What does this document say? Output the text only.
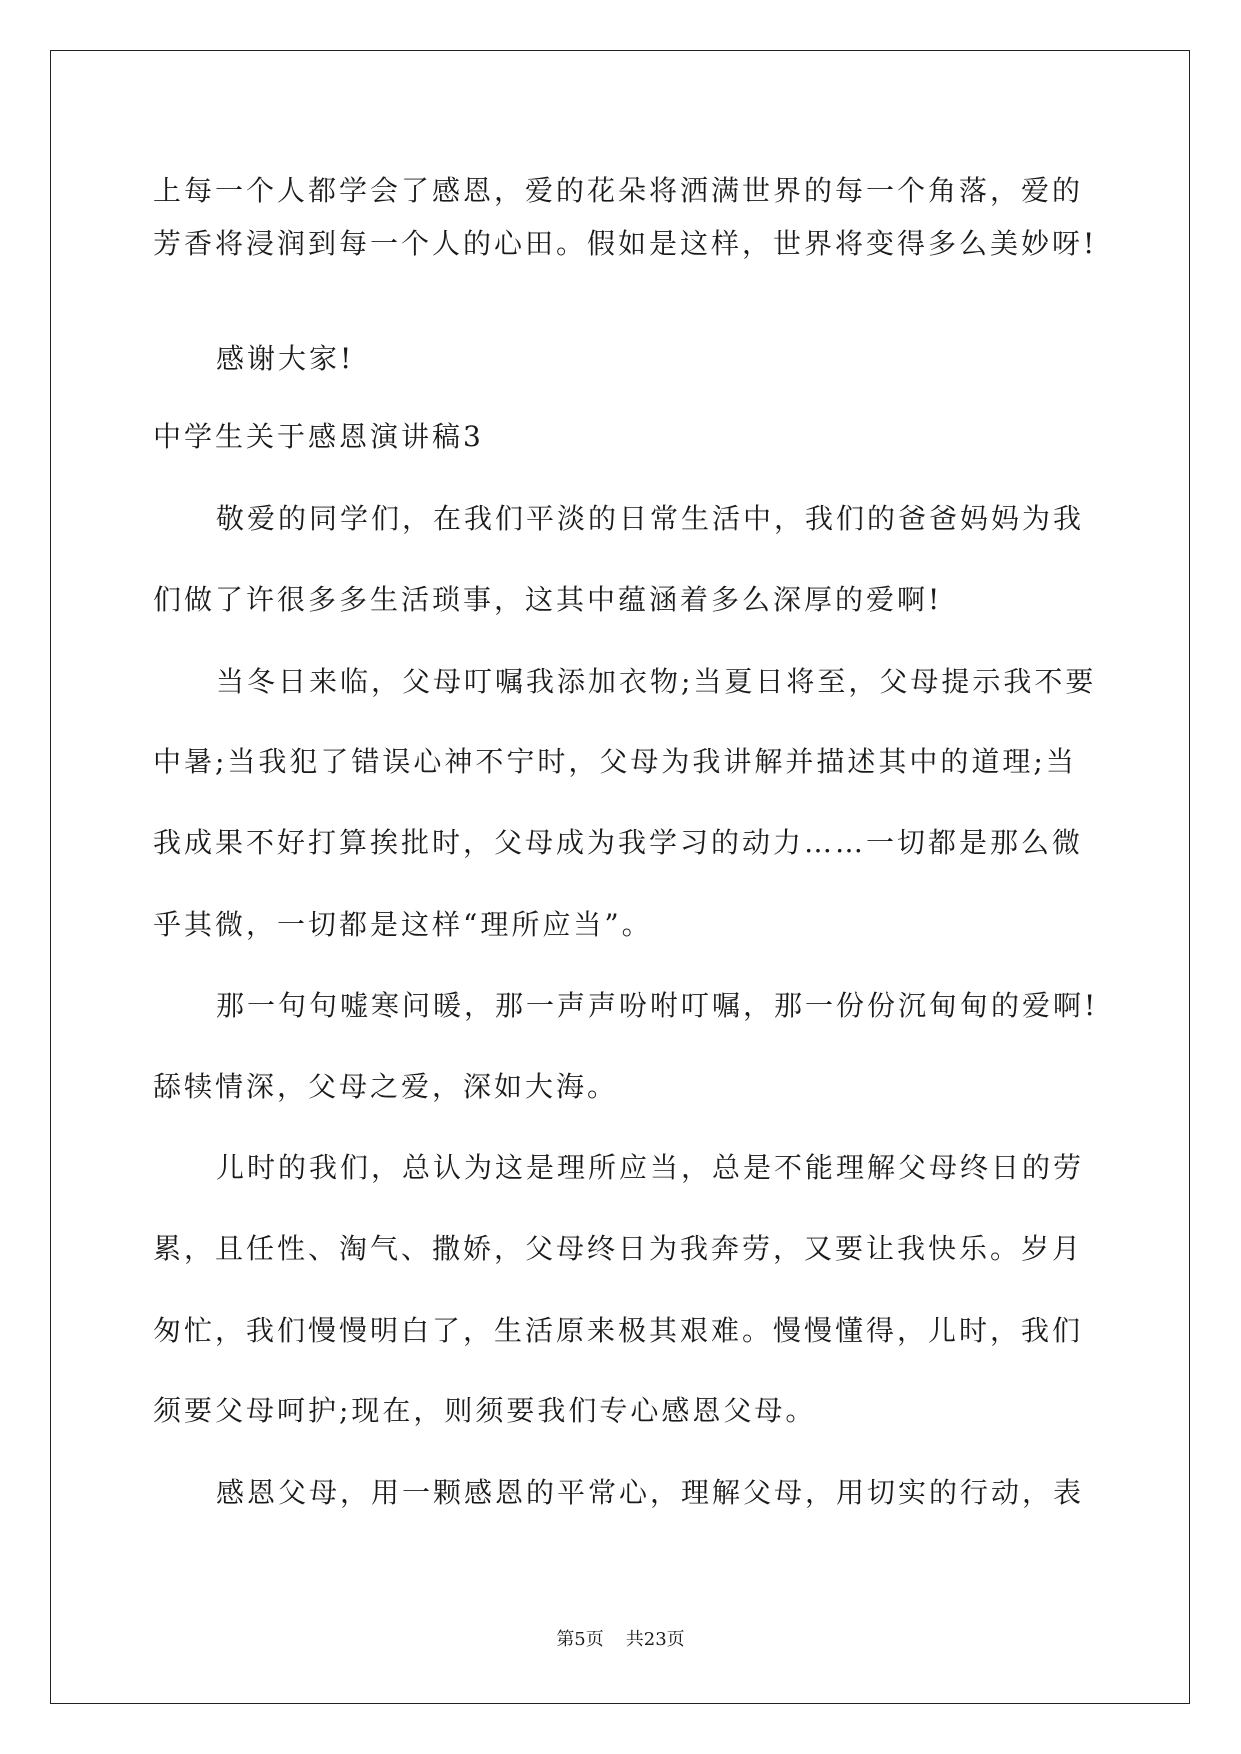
上每一个人都学会了感恩，爱的花朵将洒满世界的每一个角落，爱的
芳香将浸润到每一个人的心田。假如是这样，世界将变得多么美妙呀!
感谢大家!
中学生关于感恩演讲稿3
敬爱的同学们，在我们平淡的日常生活中，我们的爸爸妈妈为我
们做了许很多多生活琐事，这其中蕴涵着多么深厚的爱啊!
当冬日来临，父母叮嘱我添加衣物;当夏日将至，父母提示我不要
中暑;当我犯了错误心神不宁时，父母为我讲解并描述其中的道理;当
我成果不好打算挨批时，父母成为我学习的动力……一切都是那么微
乎其微，一切都是这样“理所应当”。
那一句句嘘寒问暖，那一声声吩咐叮嘱，那一份份沉甸甸的爱啊!
舔犊情深，父母之爱，深如大海。
儿时的我们，总认为这是理所应当，总是不能理解父母终日的劳
累，且任性、淘气、撒娇，父母终日为我奔劳，又要让我快乐。岁月
匆忙，我们慢慢明白了，生活原来极其艰难。慢慢懂得，儿时，我们
须要父母呵护;现在，则须要我们专心感恩父母。
感恩父母，用一颗感恩的平常心，理解父母，用切实的行动，表
第5页 共23页
